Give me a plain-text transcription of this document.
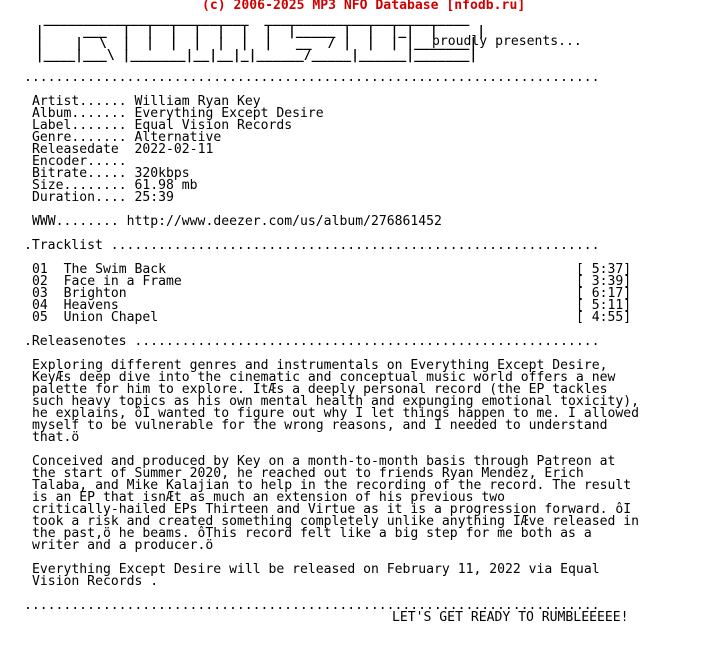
(c) 2006-2025 MP3 NFO Database [nfodb.ru]
__________________________  __________________________
|     ___  |  |  |  |  |  |  |  |_____ |  |  |_|  |     |
|    |  \  |  |  |  |  |  |  |   __  / |  |  | |_______|
|____|___\ |_______|__|__|_|______/_____|______|_______|
proudly presents...
.........................................................................
Artist...... William Ryan Key
Album....... Everything Except Desire
Label....... Equal Vision Records
Genre....... Alternative
Releasedate  2022-02-11
Encoder.....
Bitrate..... 320kbps
Size........ 61.98 mb
Duration.... 25:39
WWW........ http://www.deezer.com/us/album/276861452
.Tracklist ..............................................................
01 The Swim Back	[ 5:37]
02 Face in a Frame	[ 3:39]
03 Brighton	[ 6:17]
04 Heavens	[ 5:11]
05 Union Chapel	[ 4:55]
.Releasenotes ...........................................................
Exploring different genres and instrumentals on Everything Except Desire,
KeyÆs deep dive into the cinematic and conceptual music world offers a new
palette for him to explore. ItÆs a deeply personal record (the EP tackles
such heavy topics as his own mental health and expunging emotional toxicity),
he explains, ôI wanted to figure out why I let things happen to me. I allowed
myself to be vulnerable for the wrong reasons, and I needed to understand
that.ö
Conceived and produced by Key on a month-to-month basis through Patreon at
the start of Summer 2020, he reached out to friends Ryan Mendez, Erich
Talaba, and Mike Kalajian to help in the recording of the record. The result
is an EP that isnÆt as much an extension of his previous two
critically-hailed EPs Thirteen and Virtue as it is a progression forward. ôI
took a risk and created something completely unlike anything IÆve released in
the past,ö he beams. ôThis record felt like a big step for me both as a
writer and a producer.ö
Everything Except Desire will be released on February 11, 2022 via Equal
Vision Records .
.........................................................................
LET'S GET READY TO RUMBLEEEEE!
